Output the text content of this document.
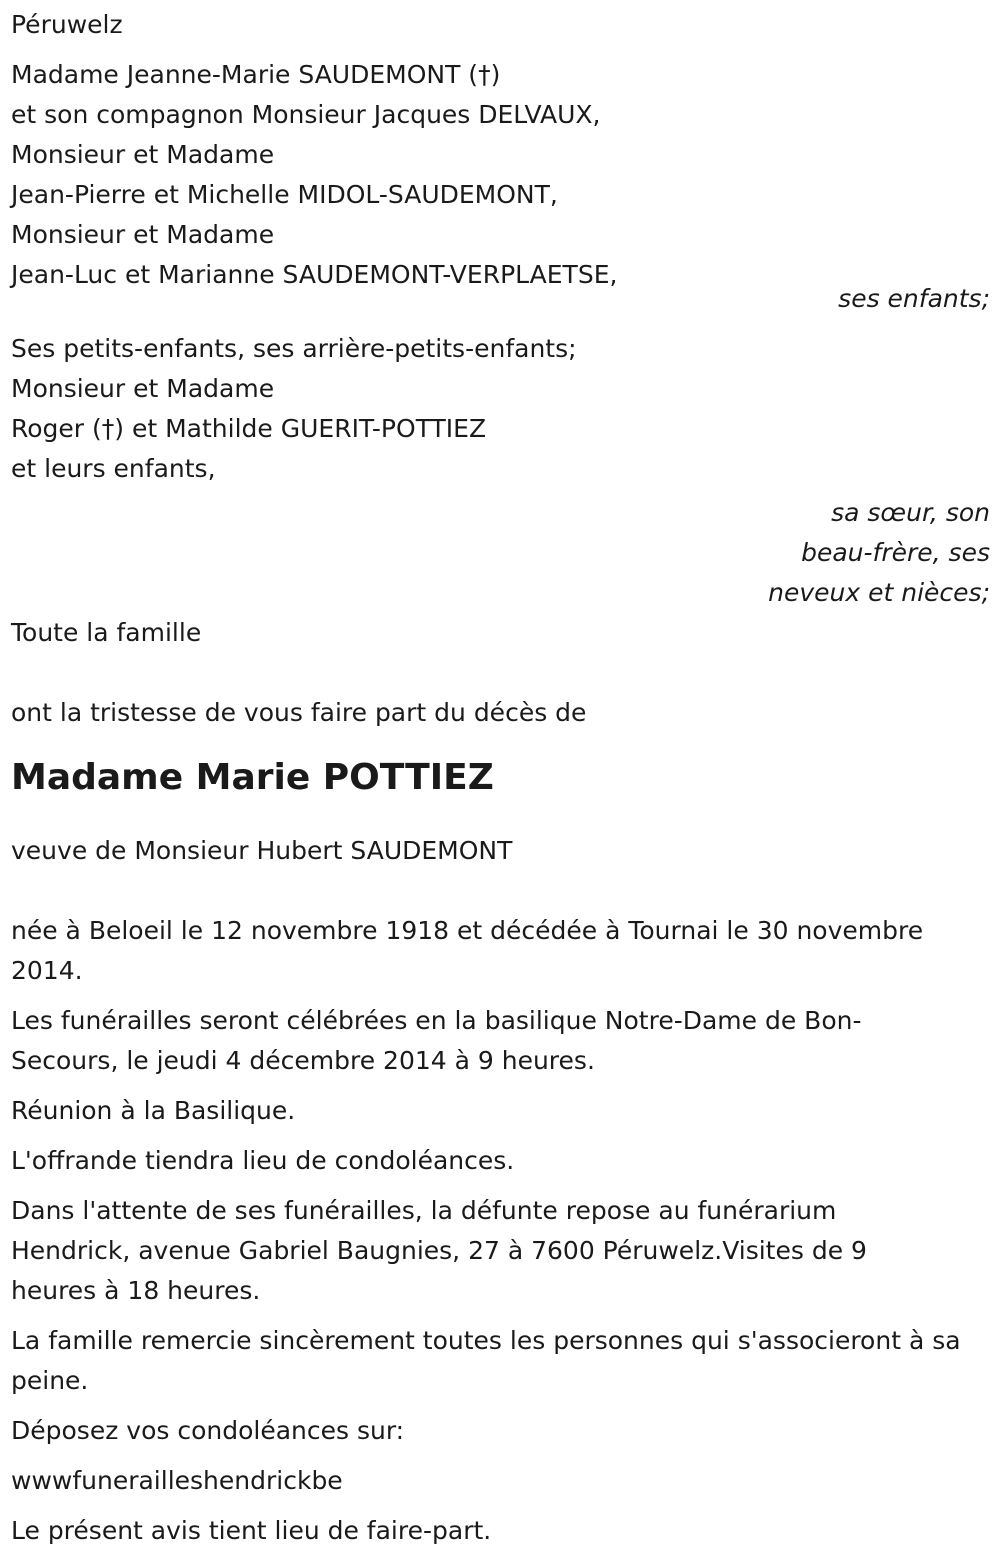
Péruwelz
Madame Jeanne-Marie SAUDEMONT (†)
et son compagnon Monsieur Jacques DELVAUX,
Monsieur et Madame
Jean-Pierre et Michelle MIDOL-SAUDEMONT,
Monsieur et Madame
Jean-Luc et Marianne SAUDEMONT-VERPLAETSE,
ses enfants;
Ses petits-enfants, ses arrière-petits-enfants;
Monsieur et Madame
Roger (†) et Mathilde GUERIT-POTTIEZ
et leurs enfants,
sa sœur, son
beau-frère, ses
neveux et nièces;
Toute la famille
ont la tristesse de vous faire part du décès de
Madame Marie POTTIEZ
veuve de Monsieur Hubert SAUDEMONT
née à Beloeil le 12 novembre 1918 et décédée à Tournai le 30 novembre 2014.
Les funérailles seront célébrées en la basilique Notre-Dame de Bon-Secours, le jeudi 4 décembre 2014 à 9 heures.
Réunion à la Basilique.
L'offrande tiendra lieu de condoléances.
Dans l'attente de ses funérailles, la défunte repose au funérarium Hendrick, avenue Gabriel Baugnies, 27 à 7600 Péruwelz.Visites de 9 heures à 18 heures.
La famille remercie sincèrement toutes les personnes qui s'associeront à sa peine.
Déposez vos condoléances sur:
wwwfunerailleshendrickbe
Le présent avis tient lieu de faire-part.
